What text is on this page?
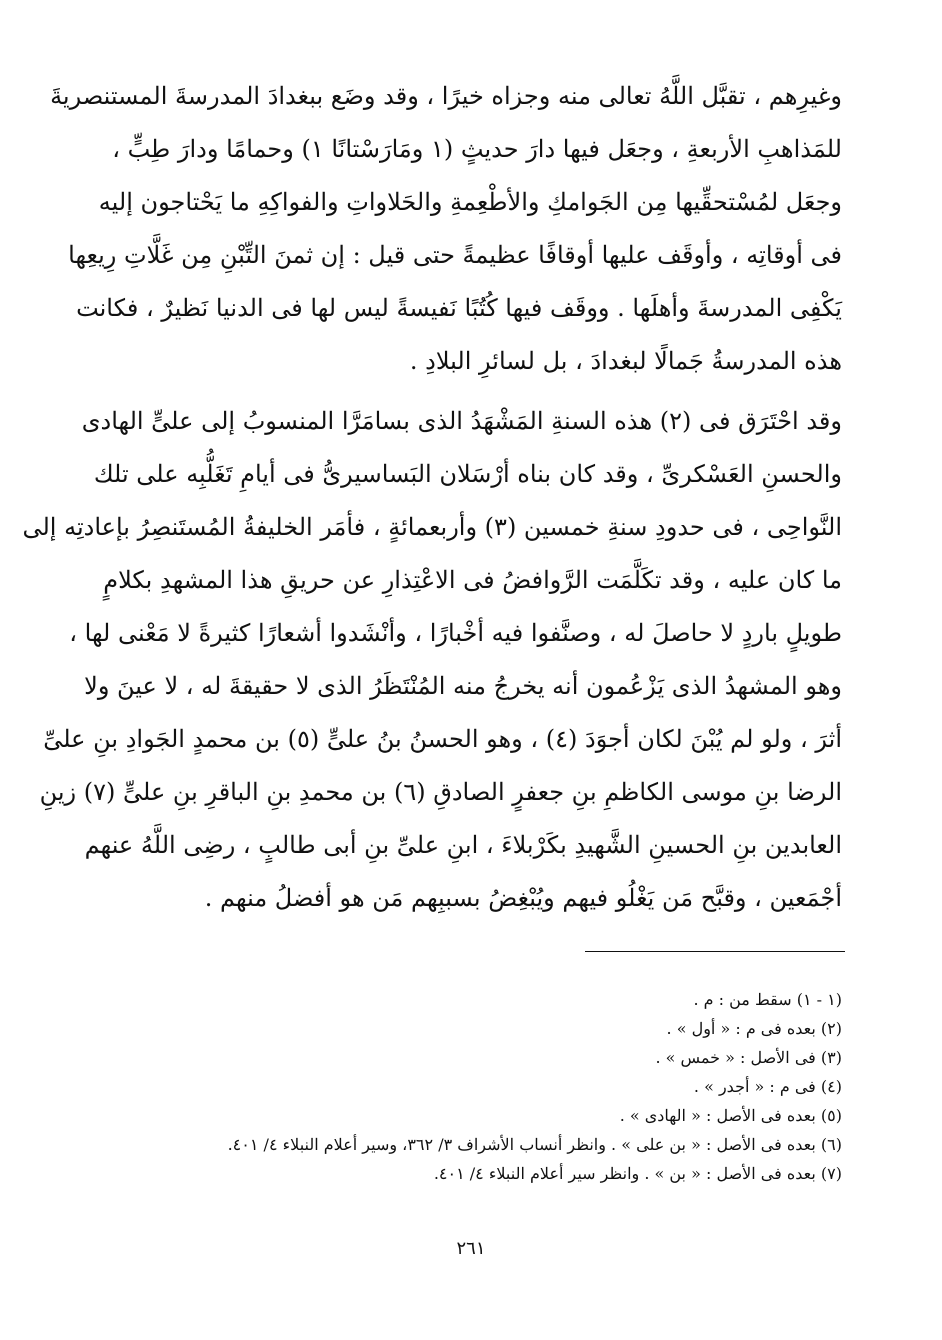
وغيرِهم ، تقبَّل اللَّهُ تعالى منه وجزاه خيرًا ، وقد وضَع ببغدادَ المدرسةَ المستنصريةَ
للمَذاهبِ الأربعةِ ، وجعَل فيها دارَ حديثٍ (١ ومَارَسْتانًا ١) وحمامًا ودارَ طِبٍّ ،
وجعَل لمُسْتحقِّيها مِن الجَوامكِ والأطْعِمةِ والحَلاواتِ والفواكِهِ ما يَحْتاجون إليه
فى أوقاتِه ، وأوقَف عليها أوقافًا عظيمةً حتى قيل : إن ثمنَ التِّبْنِ مِن غَلَّاتِ رِيعِها
يَكْفِى المدرسةَ وأهلَها . ووقَف فيها كُتُبًا نَفيسةً ليس لها فى الدنيا نَظيرٌ ، فكانت
هذه المدرسةُ جَمالًا لبغدادَ ، بل لسائرِ البلادِ .
وقد احْتَرَق فى (٢) هذه السنةِ المَشْهَدُ الذى بسامَرَّا المنسوبُ إلى علىٍّ الهادى
والحسنِ العَسْكرىِّ ، وقد كان بناه أرْسَلان البَساسيرىُّ فى أيامِ تَغَلُّبِه على تلك
النَّواحِى ، فى حدودِ سنةِ خمسين (٣) وأربعمائةٍ ، فأمَر الخليفةُ المُستَنصِرُ بإعادتِه إلى
ما كان عليه ، وقد تكَلَّمَت الرَّوافضُ فى الاعْتِذارِ عن حريقِ هذا المشهدِ بكلامٍ
طويلٍ باردٍ لا حاصلَ له ، وصنَّفوا فيه أخْبارًا ، وأنْشَدوا أشعارًا كثيرةً لا مَعْنى لها ،
وهو المشهدُ الذى يَزْعُمون أنه يخرجُ منه المُنْتَظَرُ الذى لا حقيقةَ له ، لا عينَ ولا
أثرَ ، ولو لم يُبْنَ لكان أجوَدَ (٤) ، وهو الحسنُ بنُ علىٍّ (٥) بن محمدٍ الجَوادِ بنِ علىِّ
الرضا بنِ موسى الكاظمِ بنِ جعفرٍ الصادقِ (٦) بن محمدِ بنِ الباقرِ بنِ علىٍّ (٧) زينِ
العابدين بنِ الحسينِ الشَّهيدِ بكَرْبلاءَ ، ابنِ علىِّ بنِ أبى طالبٍ ، رضِى اللَّهُ عنهم
أجْمَعين ، وقبَّح مَن يَغْلُو فيهم ويُبْغِضُ بسببِهم مَن هو أفضلُ منهم .
(١ - ١) سقط من : م .
(٢) بعده فى م : « أول » .
(٣) فى الأصل : « خمس » .
(٤) فى م : « أجدر » .
(٥) بعده فى الأصل : « الهادى » .
(٦) بعده فى الأصل : « بن على » . وانظر أنساب الأشراف ٣/ ٣٦٢، وسير أعلام النبلاء ٤/ ٤٠١.
(٧) بعده فى الأصل : « بن » . وانظر سير أعلام النبلاء ٤/ ٤٠١.
٢٦١
